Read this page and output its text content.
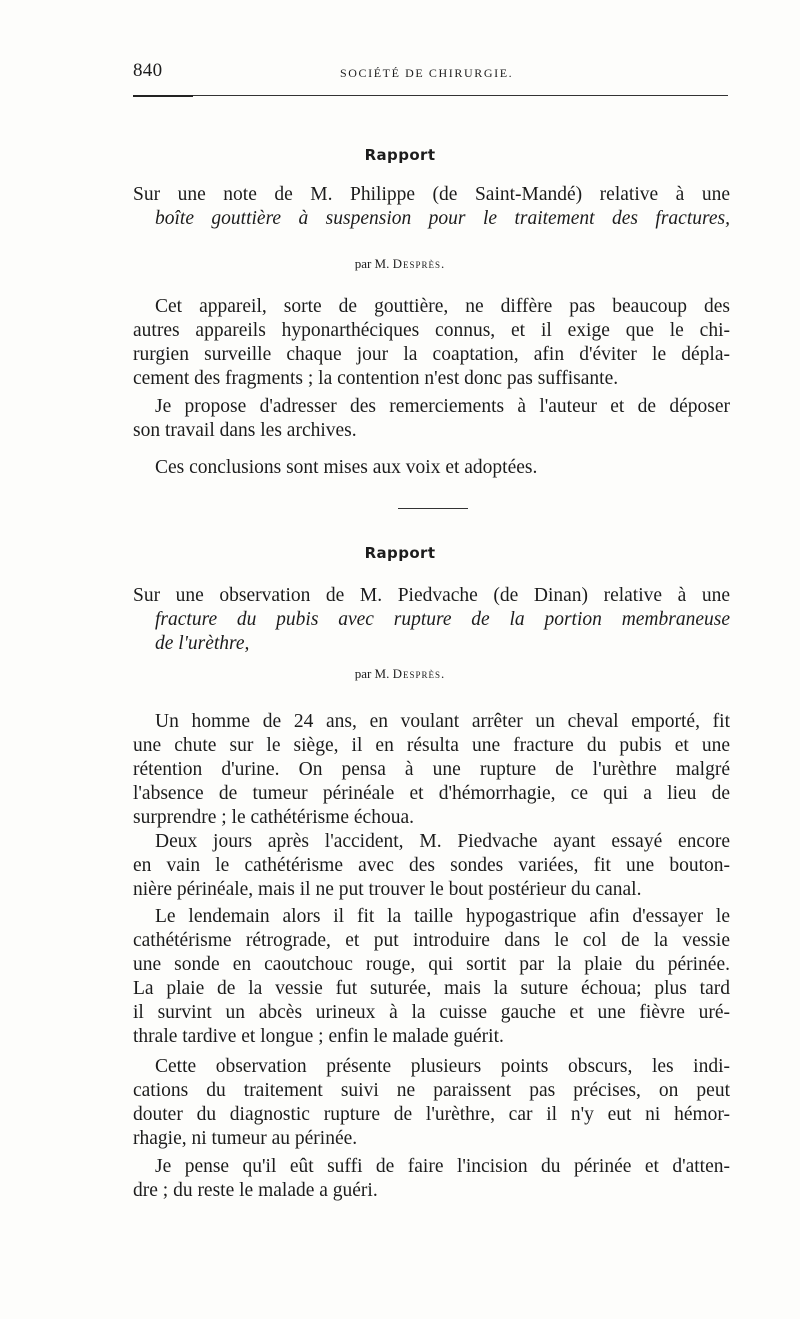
840	SOCIÉTÉ DE CHIRURGIE.
Rapport
Sur une note de M. Philippe (de Saint-Mandé) relative à une
boîte gouttière à suspension pour le traitement des fractures,
par M. Desprès.
Cet appareil, sorte de gouttière, ne diffère pas beaucoup des
autres appareils hyponarthéciques connus, et il exige que le chi-
rurgien surveille chaque jour la coaptation, afin d'éviter le dépla-
cement des fragments ; la contention n'est donc pas suffisante.
Je propose d'adresser des remerciements à l'auteur et de déposer
son travail dans les archives.
Ces conclusions sont mises aux voix et adoptées.
Rapport
Sur une observation de M. Piedvache (de Dinan) relative à une
fracture du pubis avec rupture de la portion membraneuse
de l'urèthre,
par M. Desprès.
Un homme de 24 ans, en voulant arrêter un cheval emporté, fit
une chute sur le siège, il en résulta une fracture du pubis et une
rétention d'urine. On pensa à une rupture de l'urèthre malgré
l'absence de tumeur périnéale et d'hémorrhagie, ce qui a lieu de
surprendre ; le cathétérisme échoua.
Deux jours après l'accident, M. Piedvache ayant essayé encore
en vain le cathétérisme avec des sondes variées, fit une bouton-
nière périnéale, mais il ne put trouver le bout postérieur du canal.
Le lendemain alors il fit la taille hypogastrique afin d'essayer le
cathétérisme rétrograde, et put introduire dans le col de la vessie
une sonde en caoutchouc rouge, qui sortit par la plaie du périnée.
La plaie de la vessie fut suturée, mais la suture échoua; plus tard
il survint un abcès urineux à la cuisse gauche et une fièvre uré-
thrale tardive et longue ; enfin le malade guérit.
Cette observation présente plusieurs points obscurs, les indi-
cations du traitement suivi ne paraissent pas précises, on peut
douter du diagnostic rupture de l'urèthre, car il n'y eut ni hémor-
rhagie, ni tumeur au périnée.
Je pense qu'il eût suffi de faire l'incision du périnée et d'atten-
dre ; du reste le malade a guéri.
